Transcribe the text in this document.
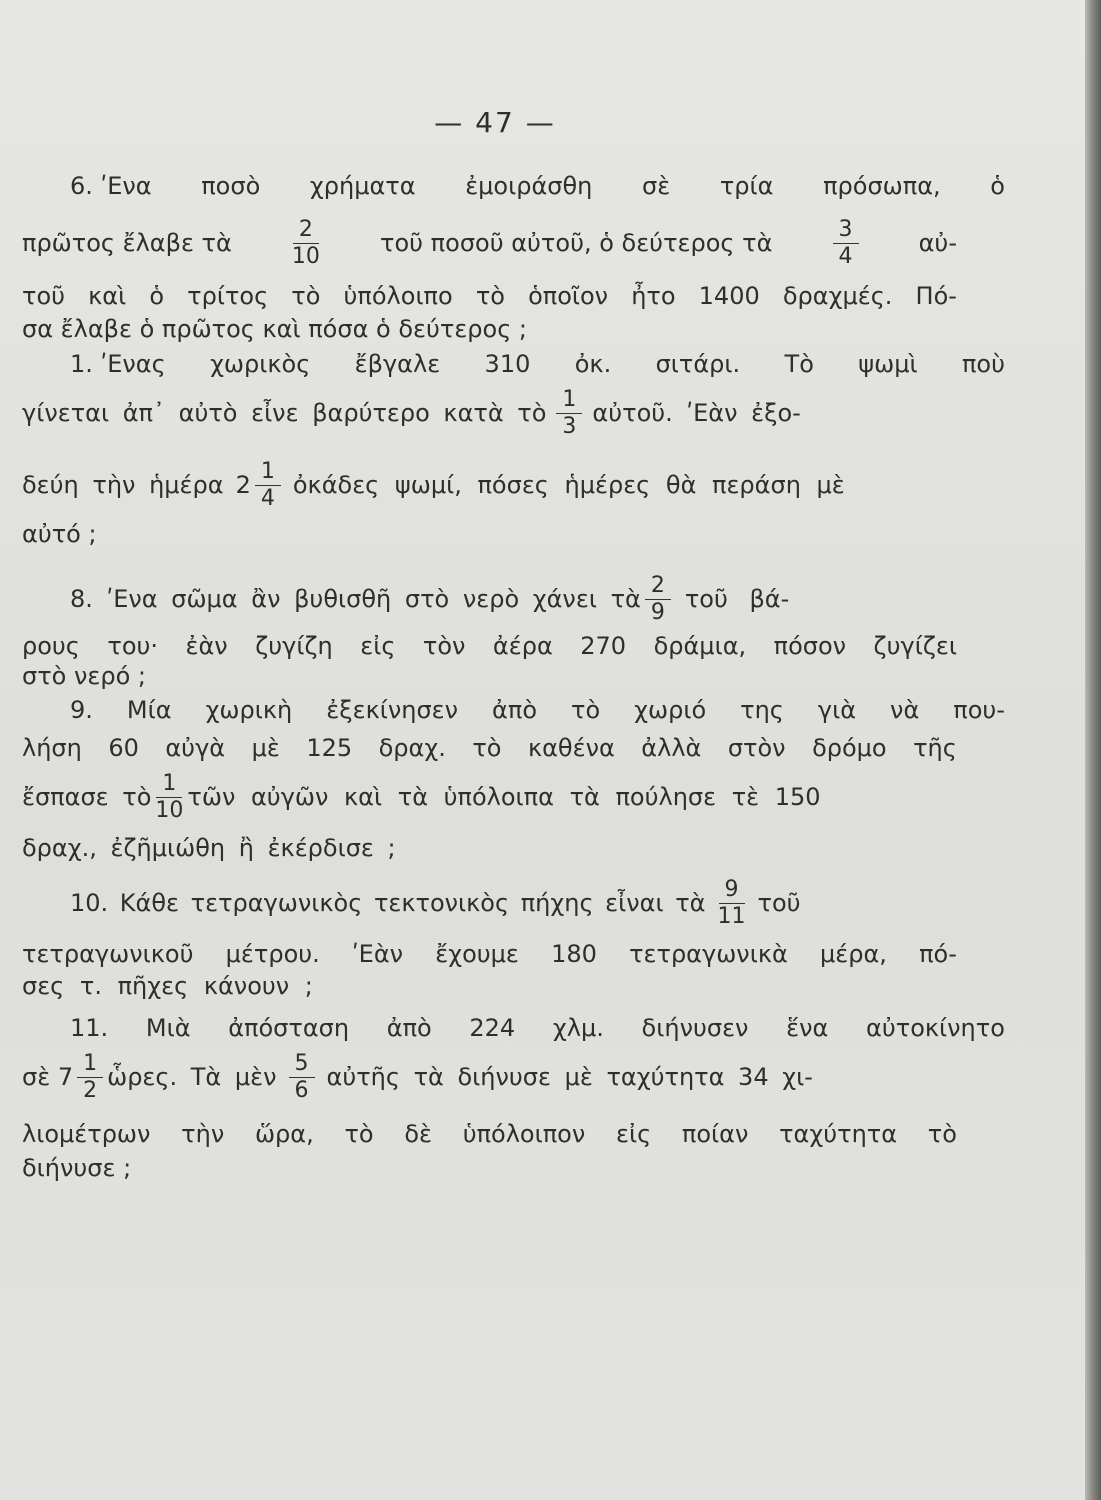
— 47 —
6. ʹΕνα ποσὸ χρήματα ἐμοιράσθη σὲ τρία πρόσωπα, ὁ
πρῶτος ἔλαβε τὰ	$\frac{2}{10}$	τοῦ ποσοῦ αὐτοῦ, ὁ δεύτερος τὰ	$\frac{3}{4}$	αὐ-
τοῦ καὶ ὁ τρίτος τὸ ὑπόλοιπο τὸ ὁποῖον ἦτο 1400 δραχμές. Πό-
σα ἔλαβε ὁ πρῶτος καὶ πόσα ὁ δεύτερος ;
1. ʹΕνας χωρικὸς ἔβγαλε 310 ὀκ. σιτάρι. Τὸ ψωμὶ ποὺ
γίνεται ἀπ᾿ αὐτὸ εἶνε βαρύτερο κατὰ τὸ $\frac{1}{3}$ αὐτοῦ. ʹΕὰν ἐξο-
δεύη τὴν ἡμέρα $2 \frac{1}{4}$ ὀκάδες ψωμί, πόσες ἡμέρες θὰ περάση μὲ
αὐτό ;
8. ʹΕνα σῶμα ἂν βυθισθῆ στὸ νερὸ χάνει τὰ $\frac{2}{9}$ τοῦ βά-
ρους του· ἐὰν ζυγίζη εἰς τὸν ἀέρα 270 δράμια, πόσον ζυγίζει
στὸ νερό ;
9. Μία χωρικὴ ἐξεκίνησεν ἀπὸ τὸ χωριό της γιὰ νὰ που-
λήση 60 αὐγὰ μὲ 125 δραχ. τὸ καθένα ἀλλὰ στὸν δρόμο τῆς
ἔσπασε τὸ $\frac{1}{10}$ τῶν αὐγῶν καὶ τὰ ὑπόλοιπα τὰ πούλησε τὲ 150
δραχ., ἐζῆμιώθη ἢ ἐκέρδισε ;
10. Κάθε τετραγωνικὸς τεκτονικὸς πήχης εἶναι τὰ $\frac{9}{11}$ τοῦ
τετραγωνικοῦ μέτρου. ʹΕὰν ἔχουμε 180 τετραγωνικὰ μέρα, πό-
σες τ. πῆχες κάνουν ;
11. Μιὰ ἀπόσταση ἀπὸ 224 χλμ. διήνυσεν ἕνα αὐτοκίνητο
σὲ $7 \frac{1}{2}$ ὧρες. Τὰ μὲν $\frac{5}{6}$ αὐτῆς τὰ διήνυσε μὲ ταχύτητα 34 χι-
λιομέτρων τὴν ὥρα, τὸ δὲ ὑπόλοιπον εἰς ποίαν ταχύτητα τὸ
διήνυσε ;
